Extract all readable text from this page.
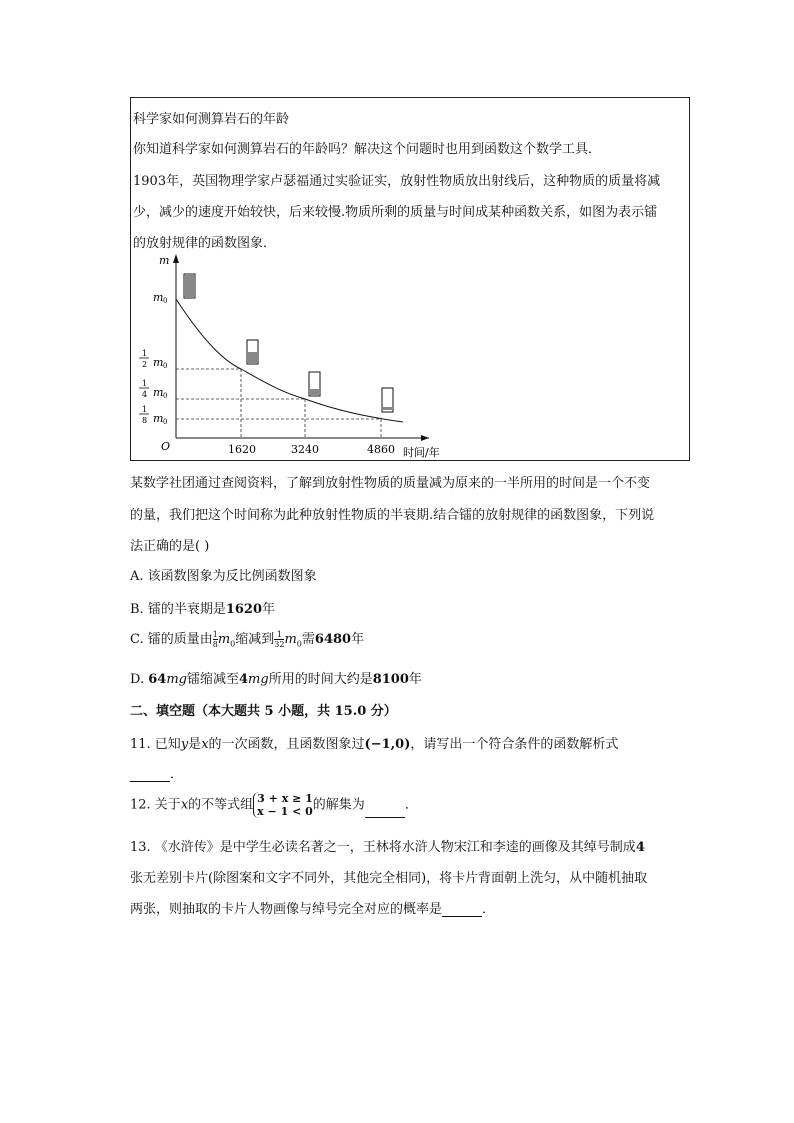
科学家如何测算岩石的年龄
你知道科学家如何测算岩石的年龄吗？解决这个问题时也用到函数这个数学工具．
1903年，英国物理学家卢瑟福通过实验证实，放射性物质放出射线后，这种物质的质量将减
少，减少的速度开始较快，后来较慢.物质所剩的质量与时间成某种函数关系，如图为表示镭
的放射规律的函数图象．
m
O	时间/年
m 0
1
2 m 0
1
4 m 0
1
8 m 0
1620	3240	4860
某数学社团通过查阅资料，了解到放射性物质的质量减为原来的一半所用的时间是一个不变
的量，我们把这个时间称为此种放射性物质的半衰期.结合镭的放射规律的函数图象，下列说
法正确的是( )
A. 该函数图象为反比例函数图象
B. 镭的半衰期是1620年
C. 镭的质量由 $\frac{1}{8} m_0$缩减到 $\frac{1}{32} m_0$需6480年
D. 64mg镭缩减至4mg所用的时间大约是8100年
二、填空题（本大题共 5 小题，共 15.0 分）
11. 已知y是x的一次函数，且函数图象过(−1,0)，请写出一个符合条件的函数解析式
．
12. 关于x的不等式组 3 + x ≥ 1
x − 1 < 0 的解集为	．
13. 《水浒传》是中学生必读名著之一，王林将水浒人物宋江和李逵的画像及其绰号制成4
张无差别卡片(除图案和文字不同外，其他完全相同)，将卡片背面朝上洗匀，从中随机抽取
两张，则抽取的卡片人物画像与绰号完全对应的概率是	．
